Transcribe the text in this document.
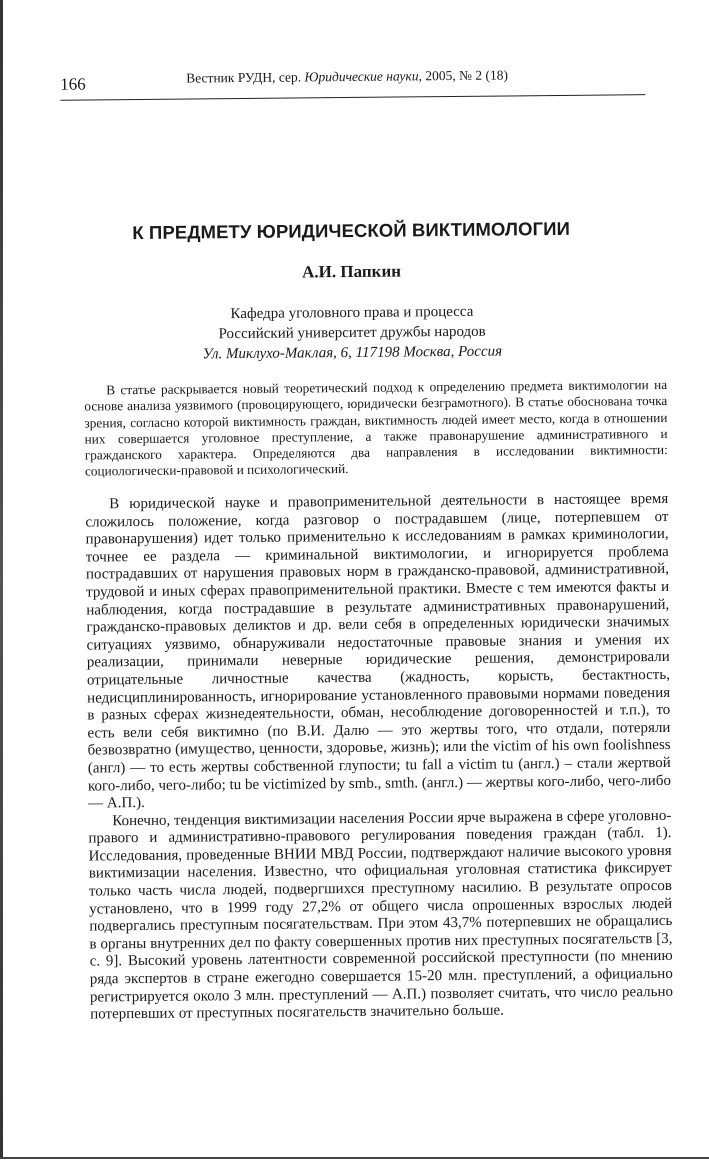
166	Вестник РУДН, сер. Юридические науки, 2005, № 2 (18)
К ПРЕДМЕТУ ЮРИДИЧЕСКОЙ ВИКТИМОЛОГИИ
А.И. Папкин
Кафедра уголовного права и процесса
Российский университет дружбы народов
Ул. Миклухо-Маклая, 6, 117198 Москва, Россия
В статье раскрывается новый теоретический подход к определению предмета виктимологии на основе анализа уязвимого (провоцирующего, юридически безграмотного). В статье обоснована точка зрения, согласно которой виктимность граждан, виктимность людей имеет место, когда в отношении них совершается уголовное преступление, а также правонарушение административного и гражданского характера. Определяются два направления в исследовании виктимности: социологически-правовой и психологический.

В юридической науке и правоприменительной деятельности в настоящее время сложилось положение, когда разговор о пострадавшем (лице, потерпевшем от правонарушения) идет только применительно к исследованиям в рамках криминологии, точнее ее раздела — криминальной виктимологии, и игнорируется проблема пострадавших от нарушения правовых норм в гражданско-правовой, административной, трудовой и иных сферах правоприменительной практики. Вместе с тем имеются факты и наблюдения, когда пострадавшие в результате административных правонарушений, гражданско-правовых деликтов и др. вели себя в определенных юридически значимых ситуациях уязвимо, обнаруживали недостаточные правовые знания и умения их реализации, принимали неверные юридические решения, демонстрировали отрицательные личностные качества (жадность, корысть, бестактность, недисциплинированность, игнорирование установленного правовыми нормами поведения в разных сферах жизнедеятельности, обман, несоблюдение договоренностей и т.п.), то есть вели себя виктимно (по В.И. Далю — это жертвы того, что отдали, потеряли безвозвратно (имущество, ценности, здоровье, жизнь); или the victim of his own foolishness (англ) — то есть жертвы собственной глупости; tu fall a victim tu (англ.) – стали жертвой кого-либо, чего-либо; tu be victimized by smb., smth. (англ.) — жертвы кого-либо, чего-либо — А.П.).

Конечно, тенденция виктимизации населения России ярче выражена в сфере уголовно-правого и административно-правового регулирования поведения граждан (табл. 1). Исследования, проведенные ВНИИ МВД России, подтверждают наличие высокого уровня виктимизации населения. Известно, что официальная уголовная статистика фиксирует только часть числа людей, подвергшихся преступному насилию. В результате опросов установлено, что в 1999 году 27,2% от общего числа опрошенных взрослых людей подвергались преступным посягательствам. При этом 43,7% потерпевших не обращались в органы внутренних дел по факту совершенных против них преступных посягательств [3, с. 9]. Высокий уровень латентности современной российской преступности (по мнению ряда экспертов в стране ежегодно совершается 15-20 млн. преступлений, а официально регистрируется около 3 млн. преступлений — А.П.) позволяет считать, что число реально потерпевших от преступных посягательств значительно больше.
